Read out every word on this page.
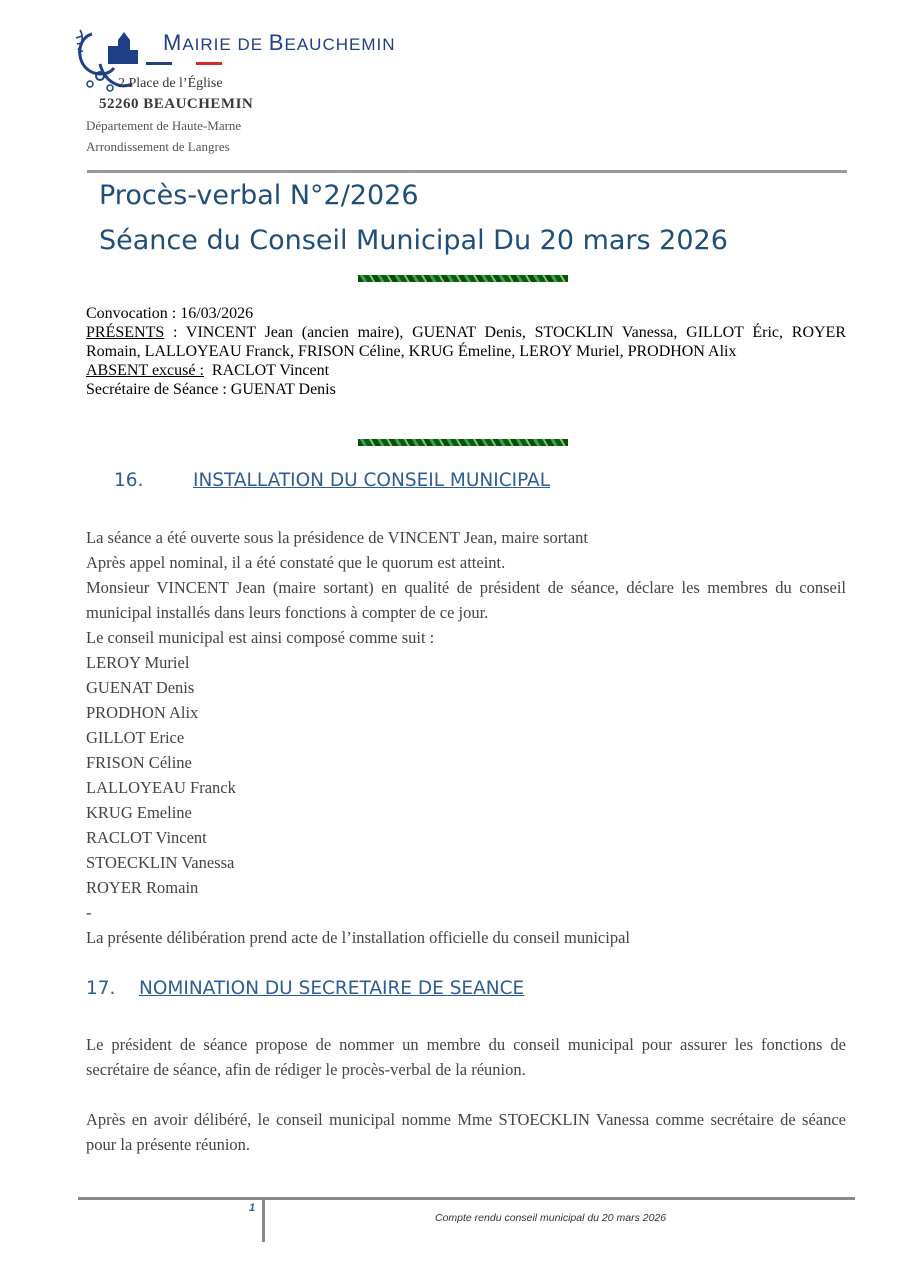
MAIRIE DE BEAUCHEMIN
2 Place de l’Église
52260 BEAUCHEMIN
Département de Haute-Marne
Arrondissement de Langres
Procès-verbal N°2/2026
Séance du Conseil Municipal Du 20 mars 2026
Convocation : 16/03/2026
PRÉSENTS : VINCENT Jean (ancien maire), GUENAT Denis, STOCKLIN Vanessa, GILLOT Éric, ROYER
Romain, LALLOYEAU Franck, FRISON Céline, KRUG Émeline, LEROY Muriel, PRODHON Alix
ABSENT excusé :  RACLOT Vincent
Secrétaire de Séance : GUENAT Denis
16.	INSTALLATION DU CONSEIL MUNICIPAL
La séance a été ouverte sous la présidence de VINCENT Jean, maire sortant
Après appel nominal, il a été constaté que le quorum est atteint.
Monsieur VINCENT Jean (maire sortant) en qualité de président de séance, déclare les membres du conseil municipal installés dans leurs fonctions à compter de ce jour.
Le conseil municipal est ainsi composé comme suit :
LEROY Muriel
GUENAT Denis
PRODHON Alix
GILLOT Erice
FRISON Céline
LALLOYEAU Franck
KRUG Emeline
RACLOT Vincent
STOECKLIN Vanessa
ROYER Romain
-
La présente délibération prend acte de l’installation officielle du conseil municipal
17. NOMINATION DU SECRETAIRE DE SEANCE

Le président de séance propose de nommer un membre du conseil municipal pour assurer les fonctions de secrétaire de séance, afin de rédiger le procès-verbal de la réunion.

Après en avoir délibéré, le conseil municipal nomme Mme STOECKLIN Vanessa comme secrétaire de séance pour la présente réunion.

1
Compte rendu conseil municipal du 20 mars 2026
